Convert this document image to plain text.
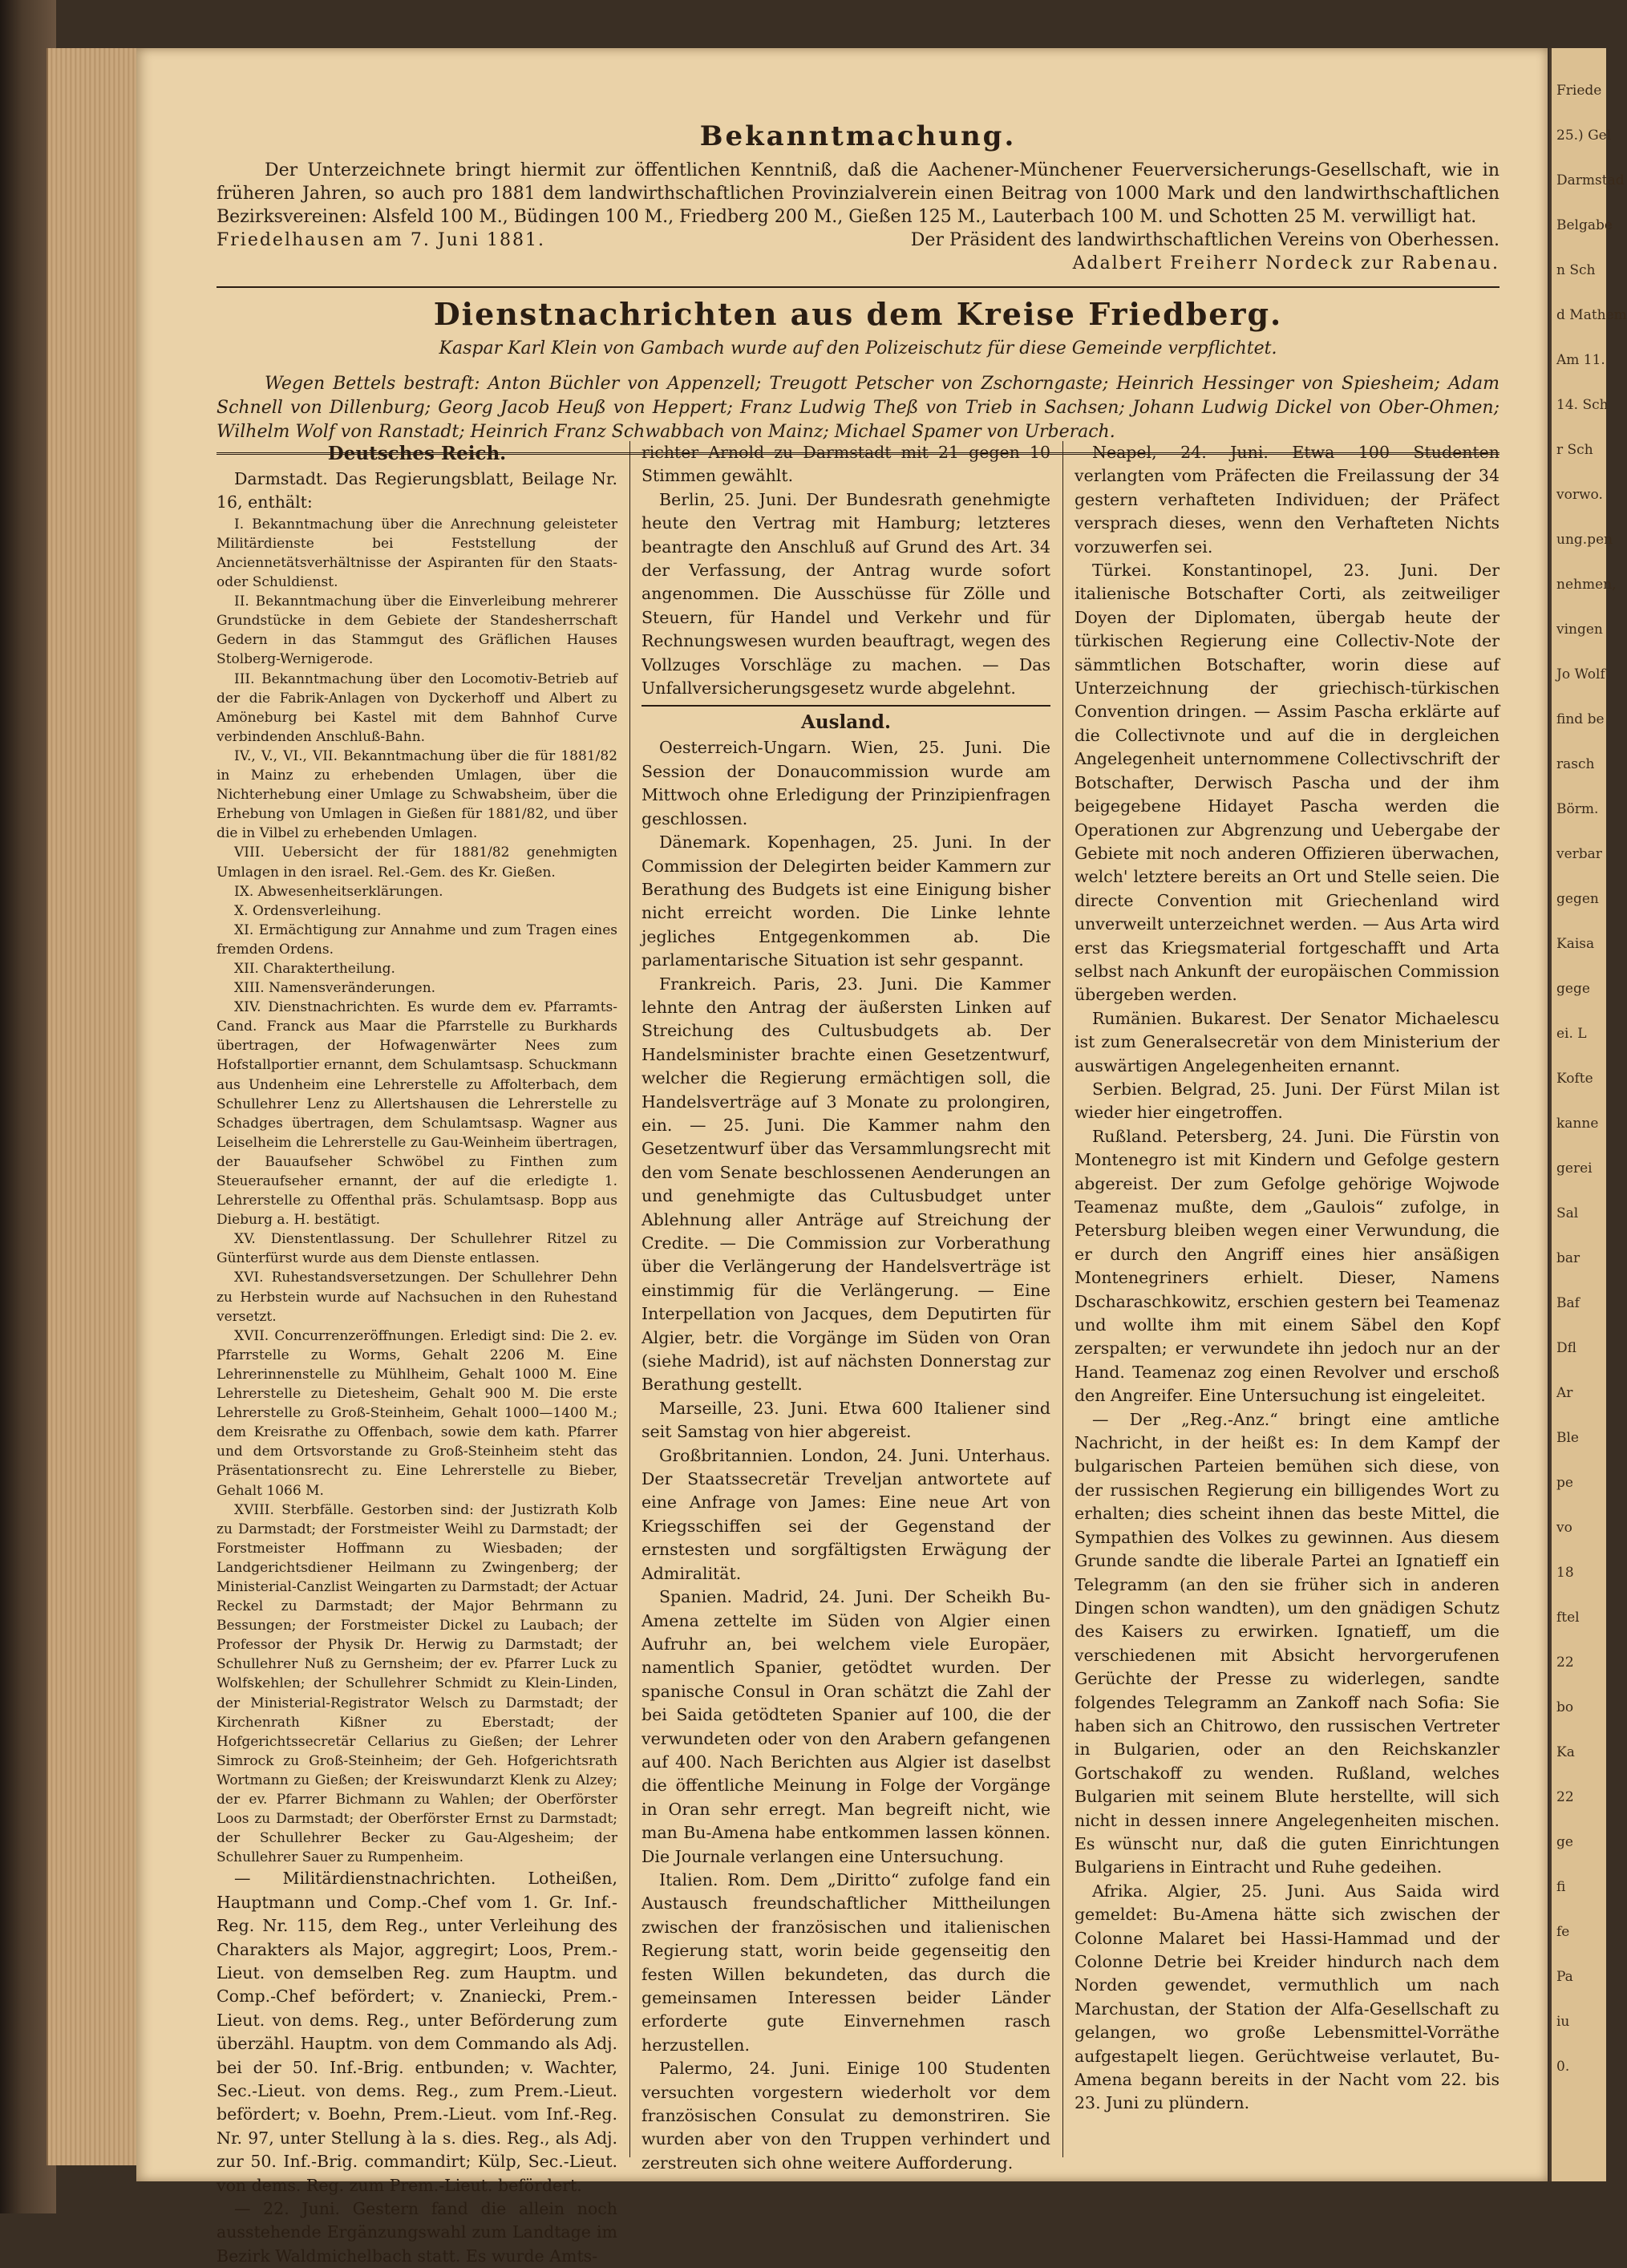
Bekanntmachung.
Der Unterzeichnete bringt hiermit zur öffentlichen Kenntniß, daß die Aachener-Münchener Feuerversicherungs-Gesellschaft, wie in früheren Jahren, so auch pro 1881 dem landwirthschaftlichen Provinzialverein einen Beitrag von 1000 Mark und den landwirthschaftlichen Bezirksvereinen: Alsfeld 100 M., Büdingen 100 M., Friedberg 200 M., Gießen 125 M., Lauterbach 100 M. und Schotten 25 M. verwilligt hat.
Friedelhausen am 7. Juni 1881.	Der Präsident des landwirthschaftlichen Vereins von Oberhessen.
Adalbert Freiherr Nordeck zur Rabenau.
Dienstnachrichten aus dem Kreise Friedberg.
Kaspar Karl Klein von Gambach wurde auf den Polizeischutz für diese Gemeinde verpflichtet.
Wegen Bettels bestraft: Anton Büchler von Appenzell; Treugott Petscher von Zschorngaste; Heinrich Hessinger von Spiesheim; Adam Schnell von Dillenburg; Georg Jacob Heuß von Heppert; Franz Ludwig Theß von Trieb in Sachsen; Johann Ludwig Dickel von Ober-Ohmen; Wilhelm Wolf von Ranstadt; Heinrich Franz Schwabbach von Mainz; Michael Spamer von Urberach.
Deutsches Reich.

Darmstadt. Das Regierungsblatt, Beilage Nr. 16, enthält:

I. Bekanntmachung über die Anrechnung geleisteter Militärdienste bei Feststellung der Anciennetätsverhältnisse der Aspiranten für den Staats- oder Schuldienst.

II. Bekanntmachung über die Einverleibung mehrerer Grundstücke in dem Gebiete der Standesherrschaft Gedern in das Stammgut des Gräflichen Hauses Stolberg-Wernigerode.

III. Bekanntmachung über den Locomotiv-Betrieb auf der die Fabrik-Anlagen von Dyckerhoff und Albert zu Amöneburg bei Kastel mit dem Bahnhof Curve verbindenden Anschluß-Bahn.

IV., V., VI., VII. Bekanntmachung über die für 1881/82 in Mainz zu erhebenden Umlagen, über die Nichterhebung einer Umlage zu Schwabsheim, über die Erhebung von Umlagen in Gießen für 1881/82, und über die in Vilbel zu erhebenden Umlagen.

VIII. Uebersicht der für 1881/82 genehmigten Umlagen in den israel. Rel.-Gem. des Kr. Gießen.

IX. Abwesenheitserklärungen.

X. Ordensverleihung.

XI. Ermächtigung zur Annahme und zum Tragen eines fremden Ordens.

XII. Charaktertheilung.

XIII. Namensveränderungen.

XIV. Dienstnachrichten. Es wurde dem ev. Pfarramts-Cand. Franck aus Maar die Pfarrstelle zu Burkhards übertragen, der Hofwagenwärter Nees zum Hofstallportier ernannt, dem Schulamtsasp. Schuckmann aus Undenheim eine Lehrerstelle zu Affolterbach, dem Schullehrer Lenz zu Allertshausen die Lehrerstelle zu Schadges übertragen, dem Schulamtsasp. Wagner aus Leiselheim die Lehrerstelle zu Gau-Weinheim übertragen, der Bauaufseher Schwöbel zu Finthen zum Steueraufseher ernannt, der auf die erledigte 1. Lehrerstelle zu Offenthal präs. Schulamtsasp. Bopp aus Dieburg a. H. bestätigt.

XV. Dienstentlassung. Der Schullehrer Ritzel zu Günterfürst wurde aus dem Dienste entlassen.

XVI. Ruhestandsversetzungen. Der Schullehrer Dehn zu Herbstein wurde auf Nachsuchen in den Ruhestand versetzt.

XVII. Concurrenzeröffnungen. Erledigt sind: Die 2. ev. Pfarrstelle zu Worms, Gehalt 2206 M. Eine Lehrerinnenstelle zu Mühlheim, Gehalt 1000 M. Eine Lehrerstelle zu Dietesheim, Gehalt 900 M. Die erste Lehrerstelle zu Groß-Steinheim, Gehalt 1000—1400 M.; dem Kreisrathe zu Offenbach, sowie dem kath. Pfarrer und dem Ortsvorstande zu Groß-Steinheim steht das Präsentationsrecht zu. Eine Lehrerstelle zu Bieber, Gehalt 1066 M.

XVIII. Sterbfälle. Gestorben sind: der Justizrath Kolb zu Darmstadt; der Forstmeister Weihl zu Darmstadt; der Forstmeister Hoffmann zu Wiesbaden; der Landgerichtsdiener Heilmann zu Zwingenberg; der Ministerial-Canzlist Weingarten zu Darmstadt; der Actuar Reckel zu Darmstadt; der Major Behrmann zu Bessungen; der Forstmeister Dickel zu Laubach; der Professor der Physik Dr. Herwig zu Darmstadt; der Schullehrer Nuß zu Gernsheim; der ev. Pfarrer Luck zu Wolfskehlen; der Schullehrer Schmidt zu Klein-Linden, der Ministerial-Registrator Welsch zu Darmstadt; der Kirchenrath Kißner zu Eberstadt; der Hofgerichtssecretär Cellarius zu Gießen; der Lehrer Simrock zu Groß-Steinheim; der Geh. Hofgerichtsrath Wortmann zu Gießen; der Kreiswundarzt Klenk zu Alzey; der ev. Pfarrer Bichmann zu Wahlen; der Oberförster Loos zu Darmstadt; der Oberförster Ernst zu Darmstadt; der Schullehrer Becker zu Gau-Algesheim; der Schullehrer Sauer zu Rumpenheim.

— Militärdienstnachrichten. Lotheißen, Hauptmann und Comp.-Chef vom 1. Gr. Inf.-Reg. Nr. 115, dem Reg., unter Verleihung des Charakters als Major, aggregirt; Loos, Prem.-Lieut. von demselben Reg. zum Hauptm. und Comp.-Chef befördert; v. Znaniecki, Prem.-Lieut. von dems. Reg., unter Beförderung zum überzähl. Hauptm. von dem Commando als Adj. bei der 50. Inf.-Brig. entbunden; v. Wachter, Sec.-Lieut. von dems. Reg., zum Prem.-Lieut. befördert; v. Boehn, Prem.-Lieut. vom Inf.-Reg. Nr. 97, unter Stellung à la s. dies. Reg., als Adj. zur 50. Inf.-Brig. commandirt; Külp, Sec.-Lieut. von dems. Reg. zum Prem.-Lieut. befördert.

— 22. Juni. Gestern fand die allein noch ausstehende Ergänzungswahl zum Landtage im Bezirk Waldmichelbach statt. Es wurde Amts-

richter Arnold zu Darmstadt mit 21 gegen 10 Stimmen gewählt.

Berlin, 25. Juni. Der Bundesrath genehmigte heute den Vertrag mit Hamburg; letzteres beantragte den Anschluß auf Grund des Art. 34 der Verfassung, der Antrag wurde sofort angenommen. Die Ausschüsse für Zölle und Steuern, für Handel und Verkehr und für Rechnungswesen wurden beauftragt, wegen des Vollzuges Vorschläge zu machen. — Das Unfallversicherungsgesetz wurde abgelehnt.

Ausland.

Oesterreich-Ungarn. Wien, 25. Juni. Die Session der Donaucommission wurde am Mittwoch ohne Erledigung der Prinzipienfragen geschlossen.

Dänemark. Kopenhagen, 25. Juni. In der Commission der Delegirten beider Kammern zur Berathung des Budgets ist eine Einigung bisher nicht erreicht worden. Die Linke lehnte jegliches Entgegenkommen ab. Die parlamentarische Situation ist sehr gespannt.

Frankreich. Paris, 23. Juni. Die Kammer lehnte den Antrag der äußersten Linken auf Streichung des Cultusbudgets ab. Der Handelsminister brachte einen Gesetzentwurf, welcher die Regierung ermächtigen soll, die Handelsverträge auf 3 Monate zu prolongiren, ein. — 25. Juni. Die Kammer nahm den Gesetzentwurf über das Versammlungsrecht mit den vom Senate beschlossenen Aenderungen an und genehmigte das Cultusbudget unter Ablehnung aller Anträge auf Streichung der Credite. — Die Commission zur Vorberathung über die Verlängerung der Handelsverträge ist einstimmig für die Verlängerung. — Eine Interpellation von Jacques, dem Deputirten für Algier, betr. die Vorgänge im Süden von Oran (siehe Madrid), ist auf nächsten Donnerstag zur Berathung gestellt.

Marseille, 23. Juni. Etwa 600 Italiener sind seit Samstag von hier abgereist.

Großbritannien. London, 24. Juni. Unterhaus. Der Staatssecretär Treveljan antwortete auf eine Anfrage von James: Eine neue Art von Kriegsschiffen sei der Gegenstand der ernstesten und sorgfältigsten Erwägung der Admiralität.

Spanien. Madrid, 24. Juni. Der Scheikh Bu-Amena zettelte im Süden von Algier einen Aufruhr an, bei welchem viele Europäer, namentlich Spanier, getödtet wurden. Der spanische Consul in Oran schätzt die Zahl der bei Saida getödteten Spanier auf 100, die der verwundeten oder von den Arabern gefangenen auf 400. Nach Berichten aus Algier ist daselbst die öffentliche Meinung in Folge der Vorgänge in Oran sehr erregt. Man begreift nicht, wie man Bu-Amena habe entkommen lassen können. Die Journale verlangen eine Untersuchung.

Italien. Rom. Dem „Diritto“ zufolge fand ein Austausch freundschaftlicher Mittheilungen zwischen der französischen und italienischen Regierung statt, worin beide gegenseitig den festen Willen bekundeten, das durch die gemeinsamen Interessen beider Länder erforderte gute Einvernehmen rasch herzustellen.

Palermo, 24. Juni. Einige 100 Studenten versuchten vorgestern wiederholt vor dem französischen Consulat zu demonstriren. Sie wurden aber von den Truppen verhindert und zerstreuten sich ohne weitere Aufforderung.

Neapel, 24. Juni. Etwa 100 Studenten verlangten vom Präfecten die Freilassung der 34 gestern verhafteten Individuen; der Präfect versprach dieses, wenn den Verhafteten Nichts vorzuwerfen sei.

Türkei. Konstantinopel, 23. Juni. Der italienische Botschafter Corti, als zeitweiliger Doyen der Diplomaten, übergab heute der türkischen Regierung eine Collectiv-Note der sämmtlichen Botschafter, worin diese auf Unterzeichnung der griechisch-türkischen Convention dringen. — Assim Pascha erklärte auf die Collectivnote und auf die in dergleichen Angelegenheit unternommene Collectivschrift der Botschafter, Derwisch Pascha und der ihm beigegebene Hidayet Pascha werden die Operationen zur Abgrenzung und Uebergabe der Gebiete mit noch anderen Offizieren überwachen, welch' letztere bereits an Ort und Stelle seien. Die directe Convention mit Griechenland wird unverweilt unterzeichnet werden. — Aus Arta wird erst das Kriegsmaterial fortgeschafft und Arta selbst nach Ankunft der europäischen Commission übergeben werden.

Rumänien. Bukarest. Der Senator Michaelescu ist zum Generalsecretär von dem Ministerium der auswärtigen Angelegenheiten ernannt.

Serbien. Belgrad, 25. Juni. Der Fürst Milan ist wieder hier eingetroffen.

Rußland. Petersberg, 24. Juni. Die Fürstin von Montenegro ist mit Kindern und Gefolge gestern abgereist. Der zum Gefolge gehörige Wojwode Teamenaz mußte, dem „Gaulois“ zufolge, in Petersburg bleiben wegen einer Verwundung, die er durch den Angriff eines hier ansäßigen Montenegriners erhielt. Dieser, Namens Dscharaschkowitz, erschien gestern bei Teamenaz und wollte ihm mit einem Säbel den Kopf zerspalten; er verwundete ihn jedoch nur an der Hand. Teamenaz zog einen Revolver und erschoß den Angreifer. Eine Untersuchung ist eingeleitet.

— Der „Reg.-Anz.“ bringt eine amtliche Nachricht, in der heißt es: In dem Kampf der bulgarischen Parteien bemühen sich diese, von der russischen Regierung ein billigendes Wort zu erhalten; dies scheint ihnen das beste Mittel, die Sympathien des Volkes zu gewinnen. Aus diesem Grunde sandte die liberale Partei an Ignatieff ein Telegramm (an den sie früher sich in anderen Dingen schon wandten), um den gnädigen Schutz des Kaisers zu erwirken. Ignatieff, um die verschiedenen mit Absicht hervorgerufenen Gerüchte der Presse zu widerlegen, sandte folgendes Telegramm an Zankoff nach Sofia: Sie haben sich an Chitrowo, den russischen Vertreter in Bulgarien, oder an den Reichskanzler Gortschakoff zu wenden. Rußland, welches Bulgarien mit seinem Blute herstellte, will sich nicht in dessen innere Angelegenheiten mischen. Es wünscht nur, daß die guten Einrichtungen Bulgariens in Eintracht und Ruhe gedeihen.

Afrika. Algier, 25. Juni. Aus Saida wird gemeldet: Bu-Amena hätte sich zwischen der Colonne Malaret bei Hassi-Hammad und der Colonne Detrie bei Kreider hindurch nach dem Norden gewendet, vermuthlich um nach Marchustan, der Station der Alfa-Gesellschaft zu gelangen, wo große Lebensmittel-Vorräthe aufgestapelt liegen. Gerüchtweise verlautet, Bu-Amena begann bereits in der Nacht vom 22. bis 23. Juni zu plündern.

Friede
25.) Gel
Darmstad
Belgabe
n Sch
d Mathem
Am 11.
14. Sch
r Sch
vorwo.
ung.pen
nehmen,
vingen
Jo Wolf
find be
rasch
Börm.
verbar
gegen
Kaisa
gege
ei. L
Kofte
kanne
gerei
Sal
bar
Baf
Dfl
Ar
Ble
pe
vo
18
ftel
22
bo
Ka
22
ge
fi
fe
Pa
iu
0.
